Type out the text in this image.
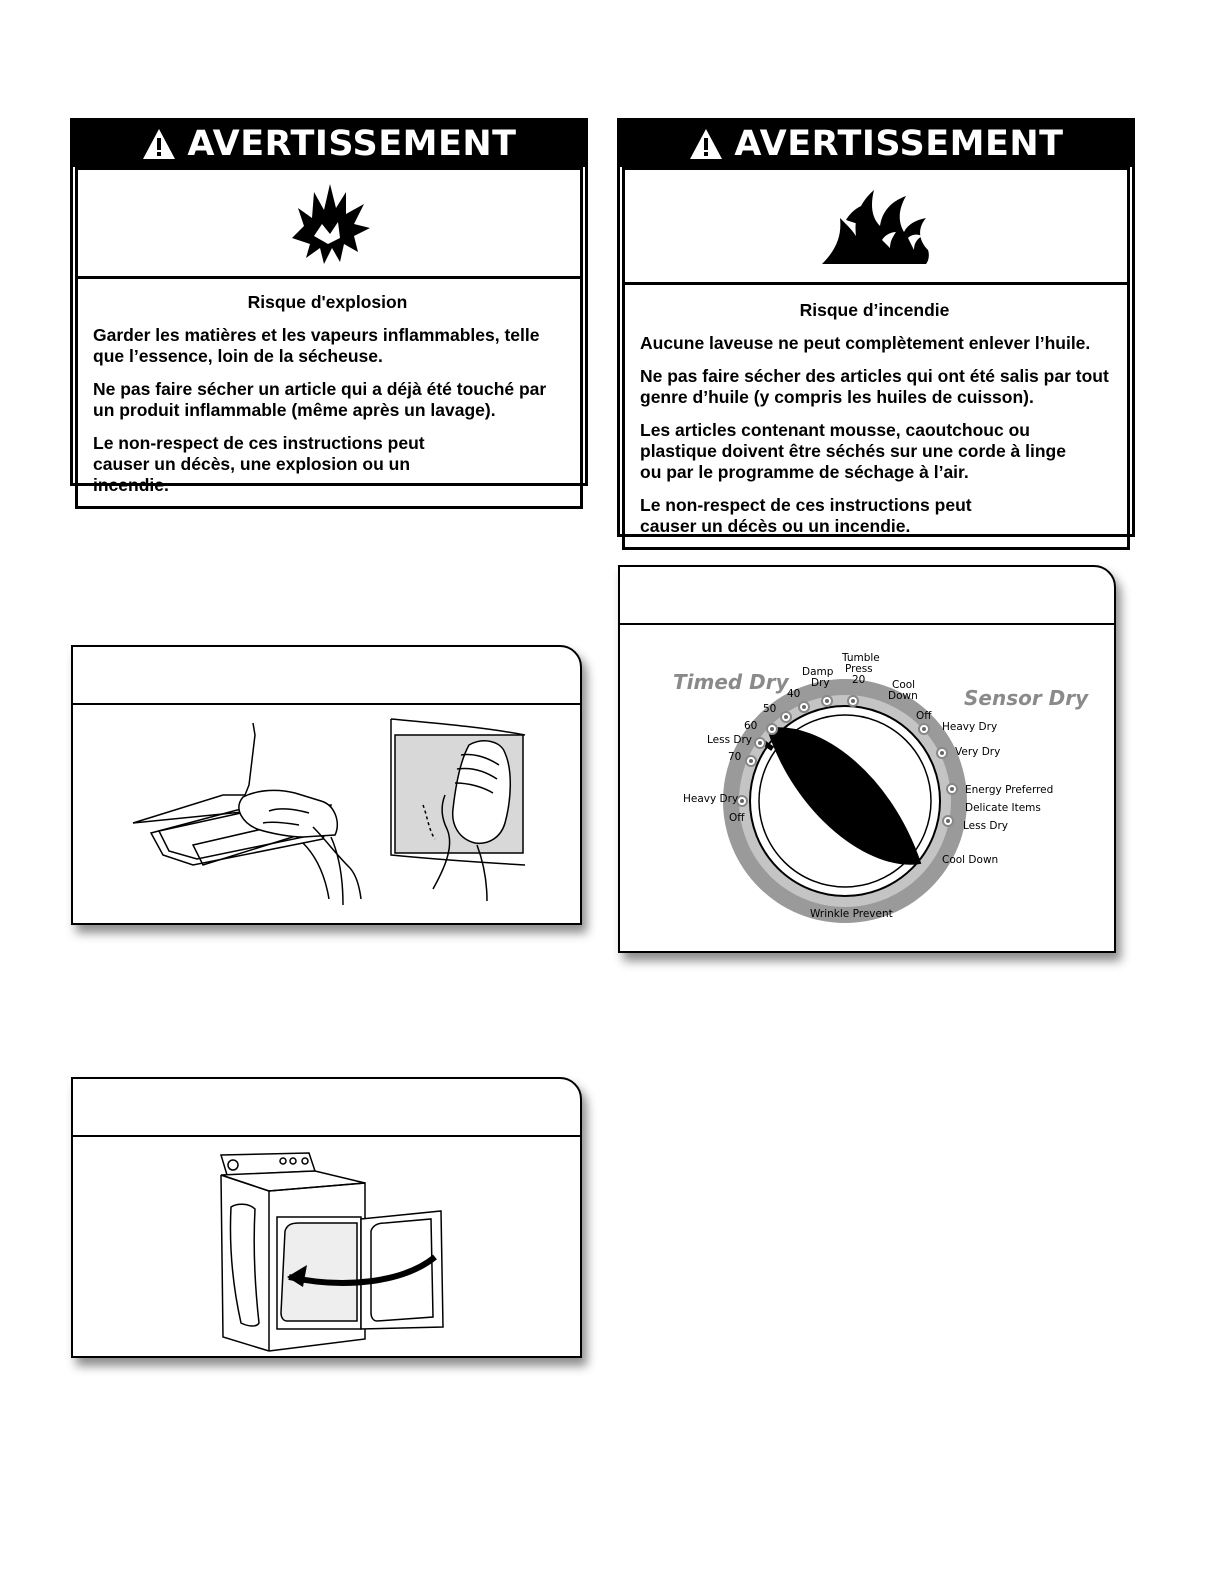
AVERTISSEMENT
Risque d'explosion

Garder les matières et les vapeurs inflammables, telle que l’essence, loin de la sécheuse.

Ne pas faire sécher un article qui a déjà été touché par un produit inflammable (même après un lavage).

Le non-respect de ces instructions peut causer un décès, une explosion ou un incendie.

AVERTISSEMENT
Risque d’incendie

Aucune laveuse ne peut complètement enlever l’huile.

Ne pas faire sécher des articles qui ont été salis par tout genre d’huile (y compris les huiles de cuisson).

Les articles contenant mousse, caoutchouc ou plastique doivent être séchés sur une corde à linge ou par le programme de séchage à l’air.

Le non-respect de ces instructions peut causer un décès ou un incendie.

Timed Dry
Sensor Dry
Damp
Dry
Tumble
Press
20
40
50
60
Less Dry
70
Heavy Dry
Off
Cool
Down
Off
Heavy Dry
Very Dry
Energy Preferred
Delicate Items
Less Dry
Cool Down
Wrinkle Prevent
